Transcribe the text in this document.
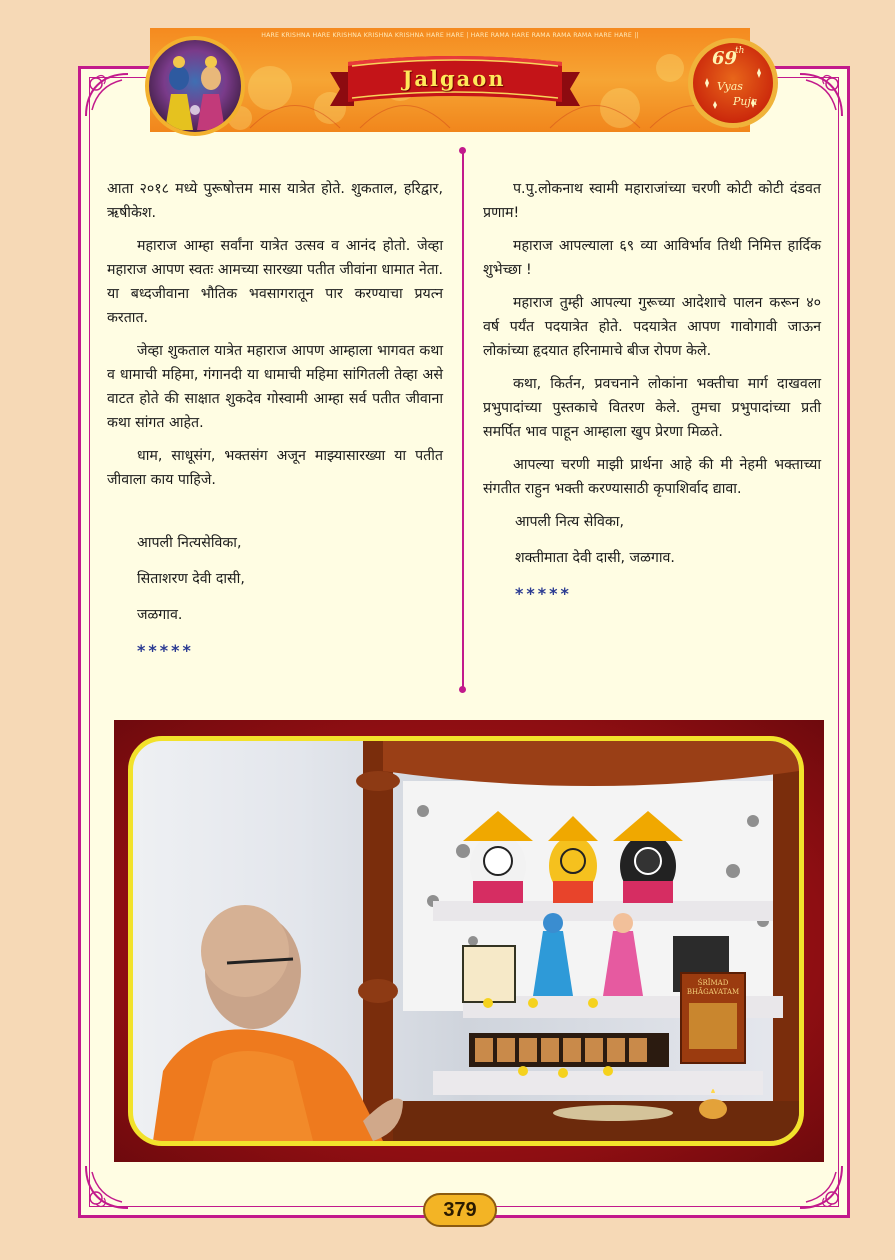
HARE KRISHNA HARE KRISHNA KRISHNA KRISHNA HARE HARE | HARE RAMA HARE RAMA RAMA RAMA HARE HARE ||
Jalgaon
69
th
Vyas
Puja

आता २०१८ मध्ये पुरूषोत्तम मास यात्रेत होते. शुकताल, हरिद्वार, ऋषीकेश.

महाराज आम्हा सर्वांना यात्रेत उत्सव व आनंद होतो. जेव्हा महाराज आपण स्वतः आमच्या सारख्या पतीत जीवांना धामात नेता. या बध्दजीवाना भौतिक भवसागरातून पार करण्याचा प्रयत्न करतात.

जेव्हा शुकताल यात्रेत महाराज आपण आम्हाला भागवत कथा व धामाची महिमा, गंगानदी या धामाची महिमा सांगितली तेव्हा असे वाटत होते की साक्षात शुकदेव गोस्वामी आम्हा सर्व पतीत जीवाना कथा सांगत आहेत.

धाम, साधूसंग, भक्तसंग अजून माझ्यासारख्या या पतीत जीवाला काय पाहिजे.

आपली नित्यसेविका,

सिताशरण देवी दासी,

जळगाव.

*****

प.पु.लोकनाथ स्वामी महाराजांच्या चरणी कोटी कोटी दंडवत प्रणाम!

महाराज आपल्याला ६९ व्या आविर्भाव तिथी निमित्त हार्दिक शुभेच्छा !

महाराज तुम्ही आपल्या गुरूच्या आदेशाचे पालन करून ४० वर्ष पर्यंत पदयात्रेत होते. पदयात्रेत आपण गावोगावी जाऊन लोकांच्या हृदयात हरिनामाचे बीज रोपण केले.

कथा, किर्तन, प्रवचनाने लोकांना भक्तीचा मार्ग दाखवला प्रभुपादांच्या पुस्तकाचे वितरण केले. तुमचा प्रभुपादांच्या प्रती समर्पित भाव पाहून आम्हाला खुप प्रेरणा मिळते.

आपल्या चरणी माझी प्रार्थना आहे की मी नेहमी भक्ताच्या संगतीत राहुन भक्ती करण्यासाठी कृपाशिर्वाद द्यावा.

आपली नित्य सेविका,

शक्तीमाता देवी दासी, जळगाव.

*****
ŚRĪMAD
BHĀGAVATAM
379
